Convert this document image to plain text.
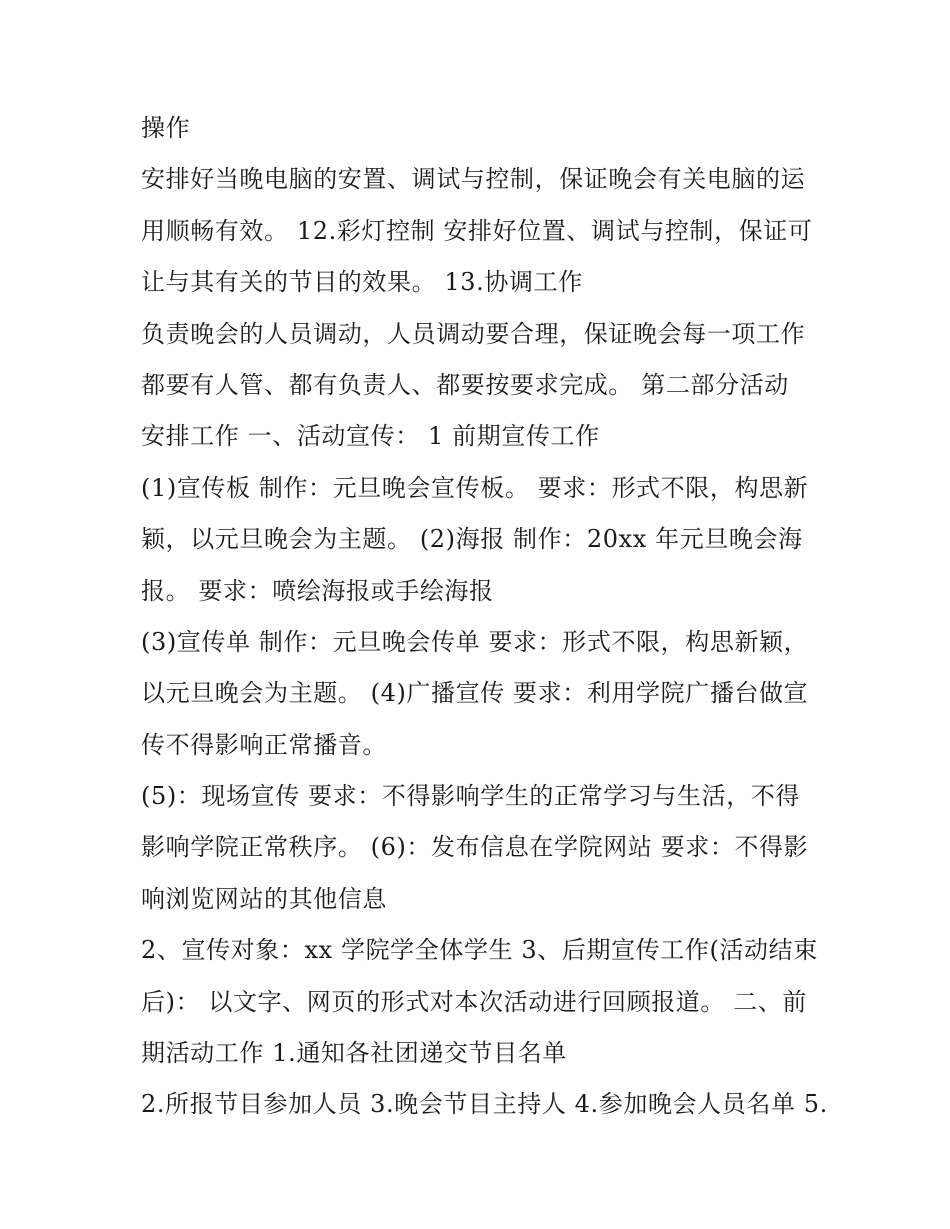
操作
安排好当晚电脑的安置、调试与控制，保证晚会有关电脑的运
用顺畅有效。 12.彩灯控制 安排好位置、调试与控制，保证可
让与其有关的节目的效果。 13.协调工作
负责晚会的人员调动，人员调动要合理，保证晚会每一项工作
都要有人管、都有负责人、都要按要求完成。 第二部分活动
安排工作 一、活动宣传： 1 前期宣传工作
(1)宣传板 制作：元旦晚会宣传板。 要求：形式不限，构思新
颖，以元旦晚会为主题。 (2)海报 制作：20xx 年元旦晚会海
报。 要求：喷绘海报或手绘海报
(3)宣传单 制作：元旦晚会传单 要求：形式不限，构思新颖，
以元旦晚会为主题。 (4)广播宣传 要求：利用学院广播台做宣
传不得影响正常播音。
(5)：现场宣传 要求：不得影响学生的正常学习与生活，不得
影响学院正常秩序。 (6)：发布信息在学院网站 要求：不得影
响浏览网站的其他信息
2、宣传对象：xx 学院学全体学生 3、后期宣传工作(活动结束
后)： 以文字、网页的形式对本次活动进行回顾报道。 二、前
期活动工作 1.通知各社团递交节目名单
2.所报节目参加人员 3.晚会节目主持人 4.参加晚会人员名单 5.
